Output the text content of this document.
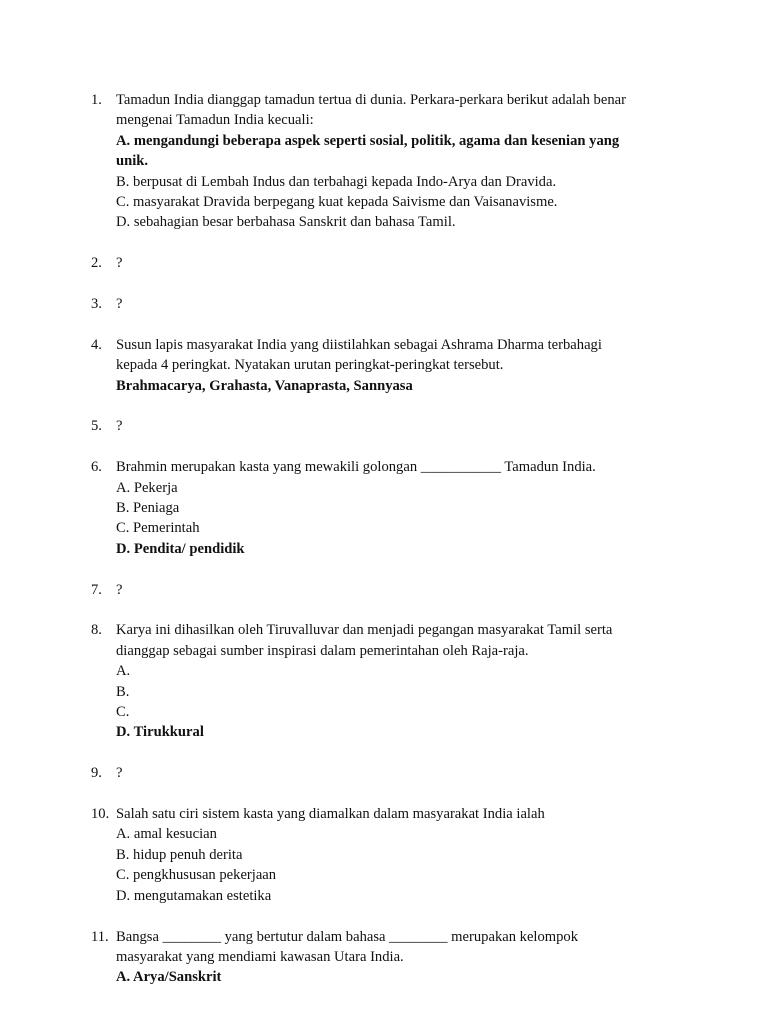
1. Tamadun India dianggap tamadun tertua di dunia. Perkara-perkara berikut adalah benar
mengenai Tamadun India kecuali:
A. mengandungi beberapa aspek seperti sosial, politik, agama dan kesenian yang
unik.
B. berpusat di Lembah Indus dan terbahagi kepada Indo-Arya dan Dravida.
C. masyarakat Dravida berpegang kuat kepada Saivisme dan Vaisanavisme.
D. sebahagian besar berbahasa Sanskrit dan bahasa Tamil.
2. ?
3. ?
4. Susun lapis masyarakat India yang diistilahkan sebagai Ashrama Dharma terbahagi
kepada 4 peringkat. Nyatakan urutan peringkat-peringkat tersebut.
Brahmacarya, Grahasta, Vanaprasta, Sannyasa
5. ?
6. Brahmin merupakan kasta yang mewakili golongan ___________ Tamadun India.
A. Pekerja
B. Peniaga
C. Pemerintah
D. Pendita/ pendidik
7. ?
8. Karya ini dihasilkan oleh Tiruvalluvar dan menjadi pegangan masyarakat Tamil serta
dianggap sebagai sumber inspirasi dalam pemerintahan oleh Raja-raja.
A.
B.
C.
D. Tirukkural
9. ?
10. Salah satu ciri sistem kasta yang diamalkan dalam masyarakat India ialah
A. amal kesucian
B. hidup penuh derita
C. pengkhususan pekerjaan
D. mengutamakan estetika
11. Bangsa ________ yang bertutur dalam bahasa ________ merupakan kelompok
masyarakat yang mendiami kawasan Utara India.
A. Arya/Sanskrit
